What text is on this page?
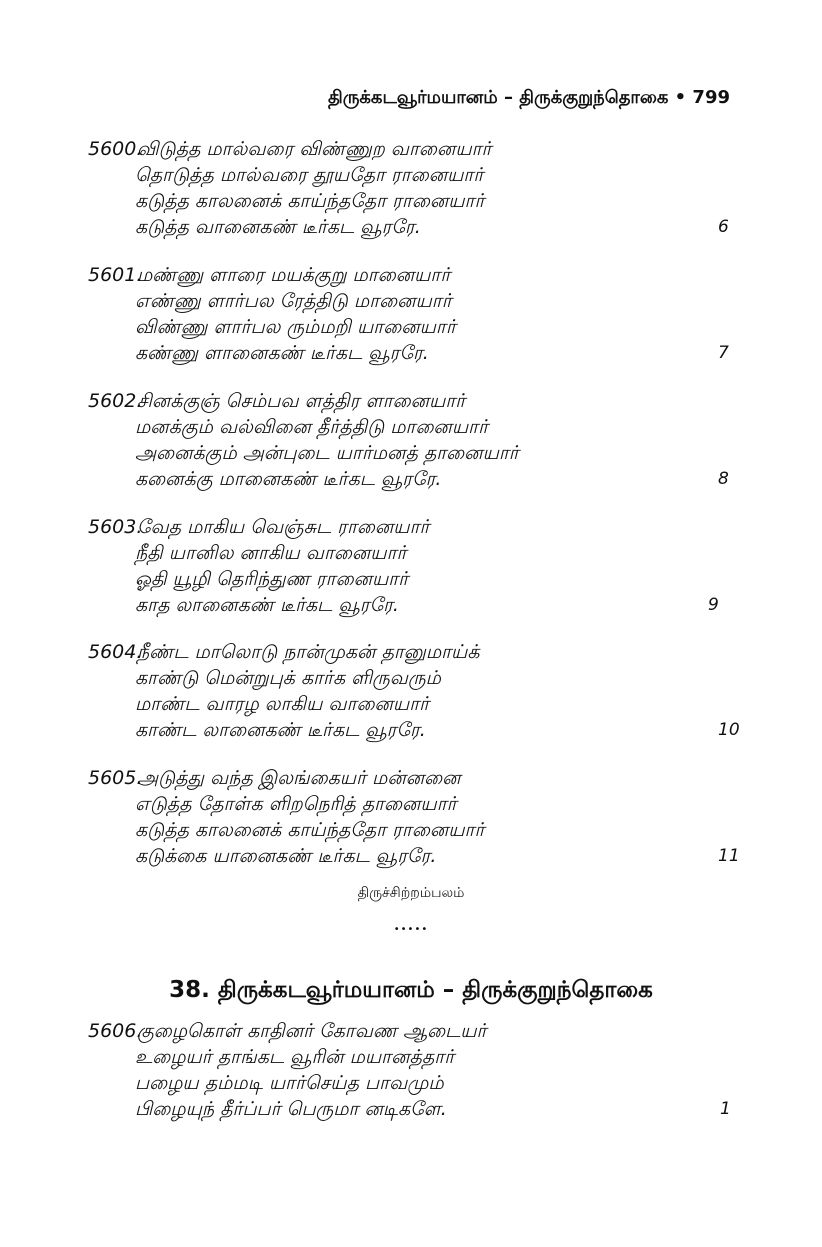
திருக்கடவூர்மயானம் – திருக்குறுந்தொகை • 799
5600.
விடுத்த மால்வரை விண்ணுற வானையார்
தொடுத்த மால்வரை தூயதோ ரானையார்
கடுத்த காலனைக் காய்ந்ததோ ரானையார்
கடுத்த வானைகண் டீர்கட வூரரே.	6
5601.
மண்ணு ளாரை மயக்குறு மானையார்
எண்ணு ளார்பல ரேத்திடு மானையார்
விண்ணு ளார்பல ரும்மறி யானையார்
கண்ணு ளானைகண் டீர்கட வூரரே.	7
5602.
சினக்குஞ் செம்பவ ளத்திர ளானையார்
மனக்கும் வல்வினை தீர்த்திடு மானையார்
அனைக்கும் அன்புடை யார்மனத் தானையார்
கனைக்கு மானைகண் டீர்கட வூரரே.	8
5603.
வேத மாகிய வெஞ்சுட ரானையார்
நீதி யானில னாகிய வானையார்
ஓதி யூழி தெரிந்துண ரானையார்
காத லானைகண் டீர்கட வூரரே.	9
5604.
நீண்ட மாலொடு நான்முகன் தானுமாய்க்
காண்டு மென்றுபுக் கார்க ளிருவரும்
மாண்ட வாரழ லாகிய வானையார்
காண்ட லானைகண் டீர்கட வூரரே.	10
5605.
அடுத்து வந்த இலங்கையர் மன்னனை
எடுத்த தோள்க ளிறநெரித் தானையார்
கடுத்த காலனைக் காய்ந்ததோ ரானையார்
கடுக்கை யானைகண் டீர்கட வூரரே.	11
திருச்சிற்றம்பலம்
•••••
38. திருக்கடவூர்மயானம் – திருக்குறுந்தொகை
5606.
குழைகொள் காதினர் கோவண ஆடையர்
உழையர் தாங்கட வூரின் மயானத்தார்
பழைய தம்மடி யார்செய்த பாவமும்
பிழையுந் தீர்ப்பர் பெருமா னடிகளே.	1
